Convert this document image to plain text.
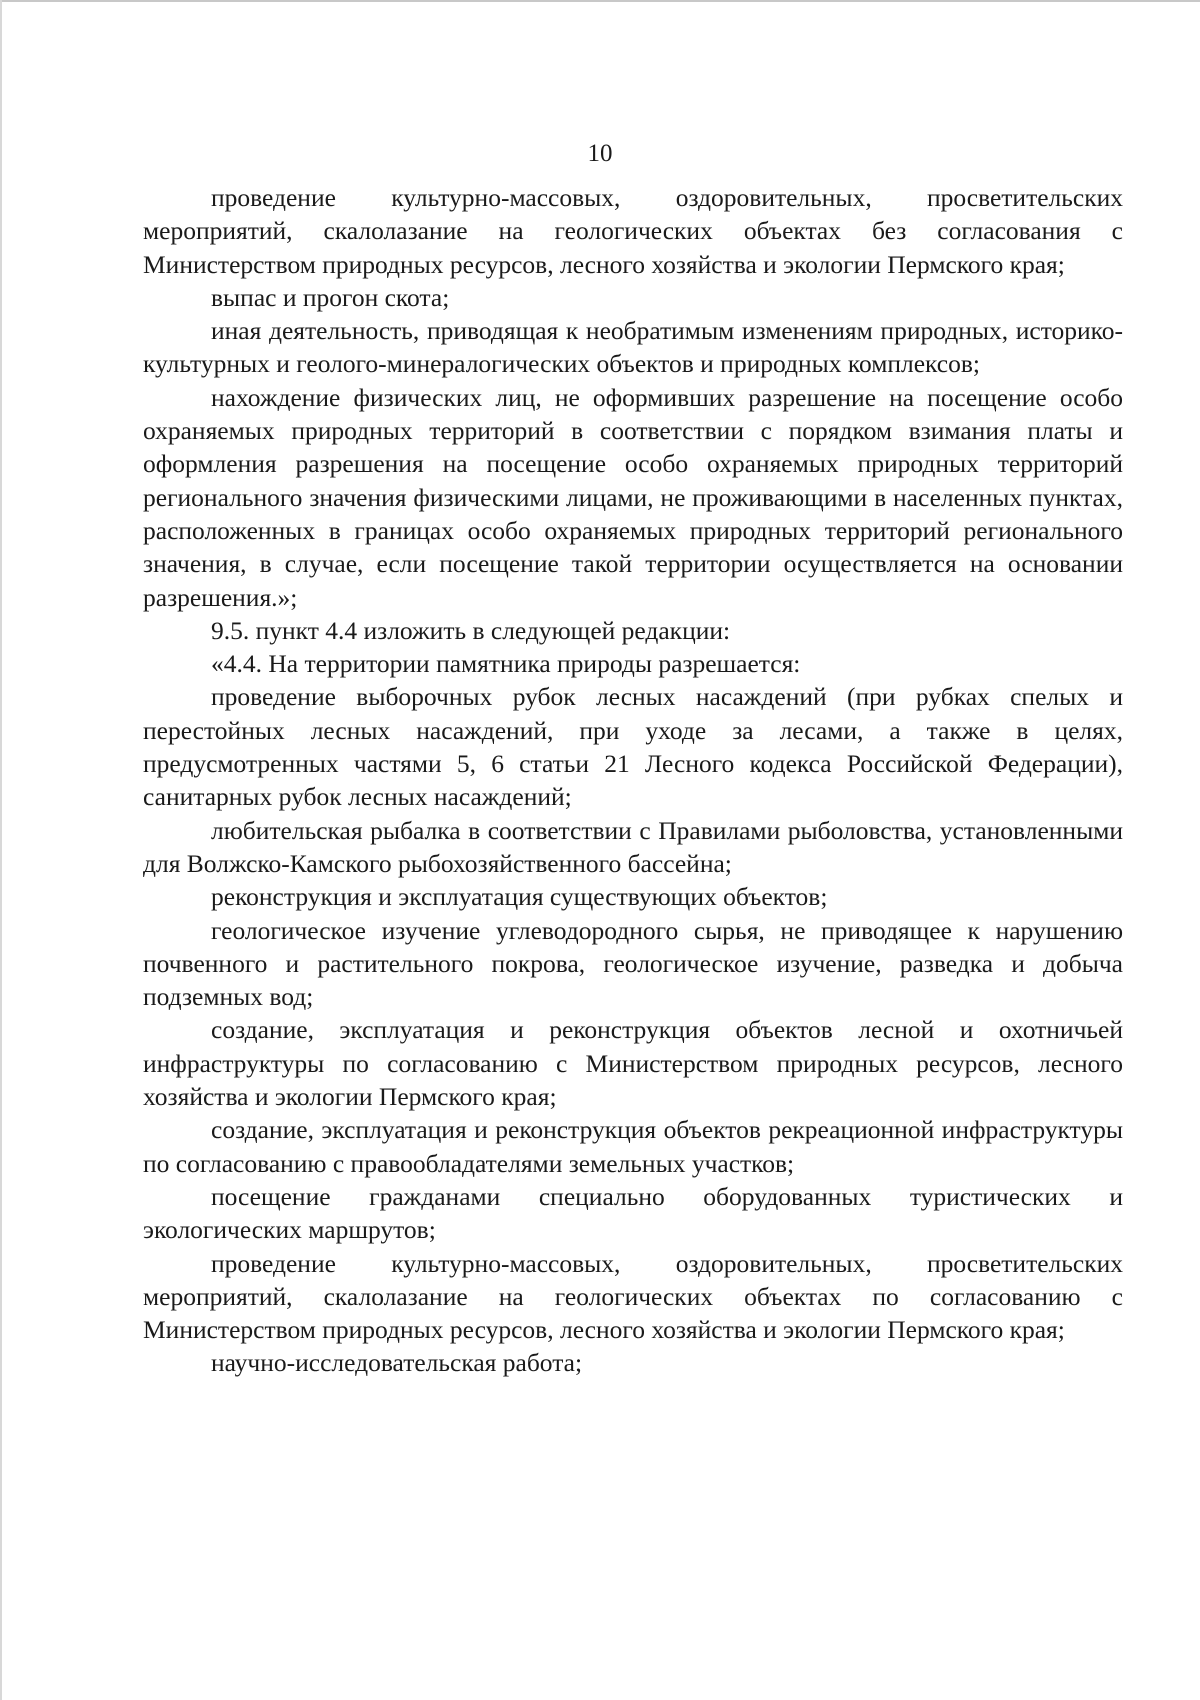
10

проведение культурно-массовых, оздоровительных, просветительских мероприятий, скалолазание на геологических объектах без согласования с Министерством природных ресурсов, лесного хозяйства и экологии Пермского края;

выпас и прогон скота;

иная деятельность, приводящая к необратимым изменениям природных, историко-культурных и геолого-минералогических объектов и природных комплексов;

нахождение физических лиц, не оформивших разрешение на посещение особо охраняемых природных территорий в соответствии с порядком взимания платы и оформления разрешения на посещение особо охраняемых природных территорий регионального значения физическими лицами, не проживающими в населенных пунктах, расположенных в границах особо охраняемых природных территорий регионального значения, в случае, если посещение такой территории осуществляется на основании разрешения.»;

9.5. пункт 4.4 изложить в следующей редакции:

«4.4. На территории памятника природы разрешается:

проведение выборочных рубок лесных насаждений (при рубках спелых и перестойных лесных насаждений, при уходе за лесами, а также в целях, предусмотренных частями 5, 6 статьи 21 Лесного кодекса Российской Федерации), санитарных рубок лесных насаждений;

любительская рыбалка в соответствии с Правилами рыболовства, установленными для Волжско-Камского рыбохозяйственного бассейна;

реконструкция и эксплуатация существующих объектов;

геологическое изучение углеводородного сырья, не приводящее к нарушению почвенного и растительного покрова, геологическое изучение, разведка и добыча подземных вод;

создание, эксплуатация и реконструкция объектов лесной и охотничьей инфраструктуры по согласованию с Министерством природных ресурсов, лесного хозяйства и экологии Пермского края;

создание, эксплуатация и реконструкция объектов рекреационной инфраструктуры по согласованию с правообладателями земельных участков;

посещение гражданами специально оборудованных туристических и экологических маршрутов;

проведение культурно-массовых, оздоровительных, просветительских мероприятий, скалолазание на геологических объектах по согласованию с Министерством природных ресурсов, лесного хозяйства и экологии Пермского края;

научно-исследовательская работа;
